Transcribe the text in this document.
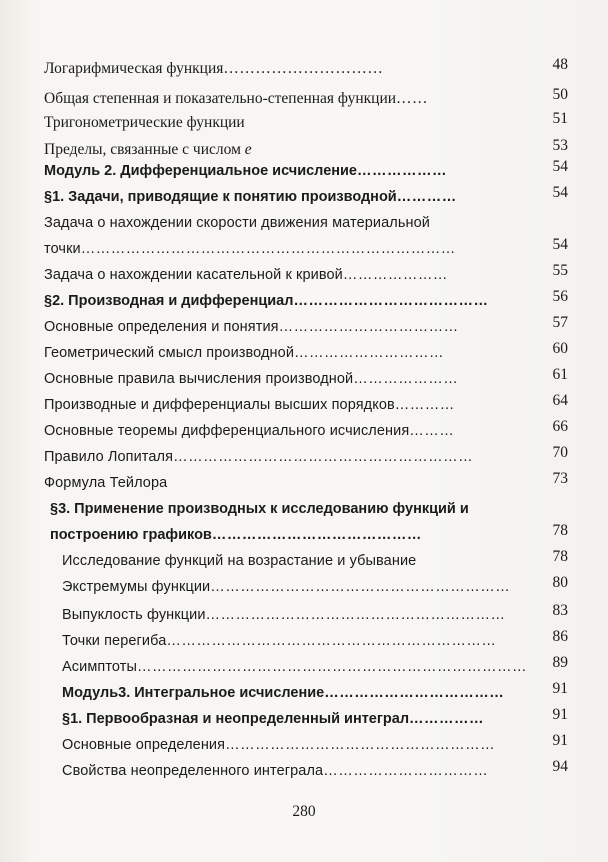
Логарифмическая функция…………………………	48
Общая степенная и показательно-степенная функции……	50
Тригонометрические функции	51
Пределы, связанные с числом е	53
Модуль 2. Дифференциальное исчисление………………	54
§1. Задачи, приводящие к понятию производной…………	54
Задача о нахождении скорости движения материальной
точки…………………………………………………………………	54
Задача о нахождении касательной к кривой…………………	55
§2. Производная и дифференциал…………………………………	56
Основные определения и понятия………………………………	57
Геометрический смысл производной…………………………	60
Основные правила вычисления производной…………………	61
Производные и дифференциалы высших порядков…………	64
Основные теоремы дифференциального исчисления………	66
Правило Лопиталя……………………………………………………	70
Формула Тейлора	73
§3. Применение производных к исследованию функций и
построению графиков……………………………………	78
Исследование функций на возрастание и убывание	78
Экстремумы функции……………………………………………………	80
Выпуклость функции……………………………………………………	83
Точки перегиба…………………………………………………………	86
Асимптоты……………………………………………………………………	89
Модуль3. Интегральное исчисление………………………………	91
§1. Первообразная и неопределенный интеграл……………	91
Основные определения………………………………………………	91
Свойства неопределенного интеграла……………………………	94
280
